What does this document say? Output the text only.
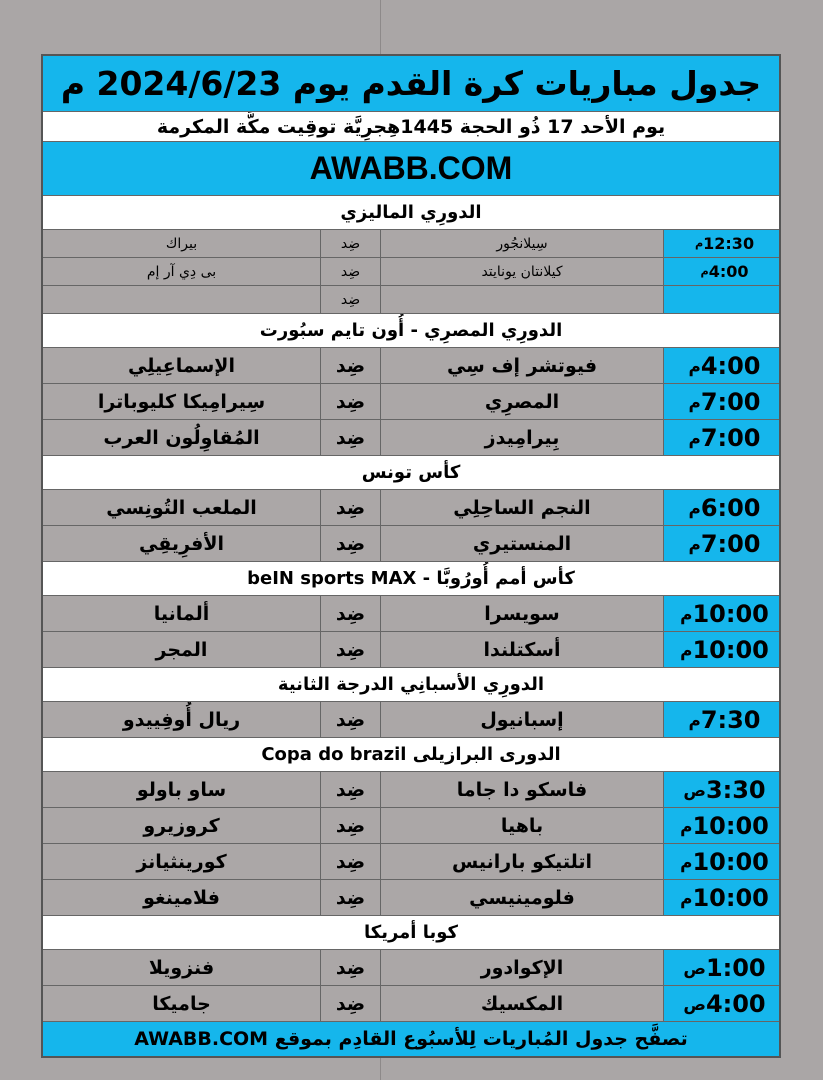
جدول مباريات كرة القدم يوم 2024/6/23 م
يوم الأحد 17 ذُو الحجة 1445هِجرِيَّة توقِيت مكَّة المكرمة
AWABB.COM
الدورِي الماليزي
12:30
م
سِيلانجُور
ضِد
بيراك
4:00
م
كيلانتان يونايتد
ضِد
بى دِي آر إم
ضِد
الدورِي المصرِي - أُون تايم سبُورت
4:00
م
فيوتشر إف سِي
ضِد
الإسماعِيلِي
7:00
م
المصرِي
ضِد
سِيرامِيكا كليوباترا
7:00
م
بِيرامِيدز
ضِد
المُقاوِلُون العرب
كأس تونس
6:00
م
النجم الساحِلِي
ضِد
الملعب التُونِسي
7:00
م
المنستيري
ضِد
الأفرِيقِي
كأس أمم أُورُوبَّا - beIN sports MAX
10:00
م
سويسرا
ضِد
ألمانيا
10:00
م
أسكتلندا
ضِد
المجر
الدورِي الأسبانِي الدرجة الثانية
7:30
م
إسبانيول
ضِد
ريال أُوفِييدو
الدورى البرازيلى Copa do brazil
3:30
ص
فاسكو دا جاما
ضِد
ساو باولو
10:00
م
باهيا
ضِد
كروزيرو
10:00
م
اتلتيكو بارانيس
ضِد
كورينثيانز
10:00
م
فلومينيسي
ضِد
فلامينغو
كوبا أمريكا
1:00
ص
الإكوادور
ضِد
فنزويلا
4:00
ص
المكسيك
ضِد
جاميكا
تصفَّح جدول المُباريات لِلأسبُوع القادِم بموقع AWABB.COM
